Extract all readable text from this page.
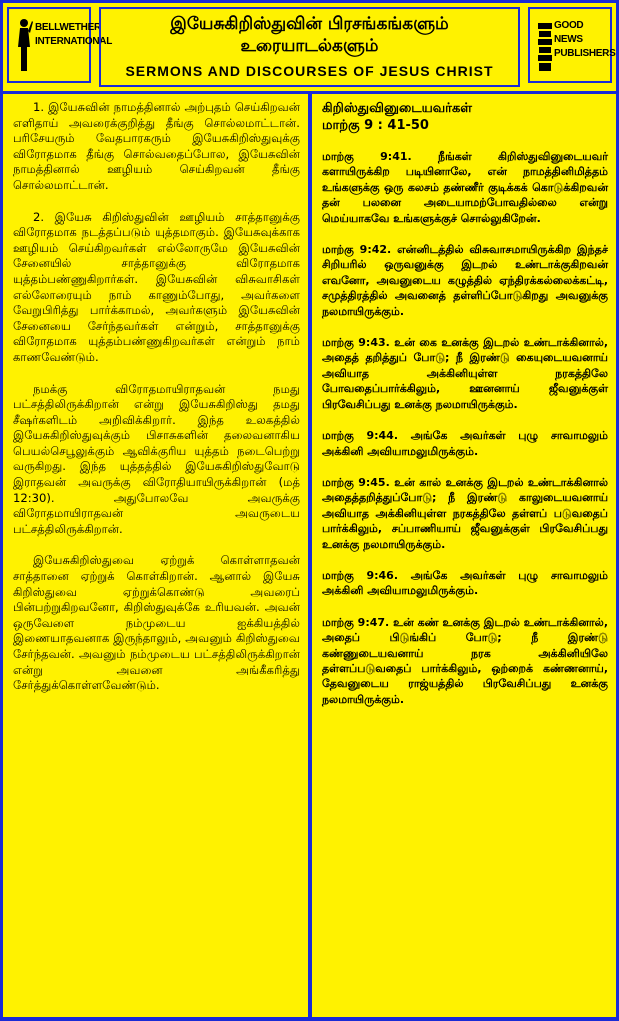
BELLWETHER
INTERNATIONAL
இயேசுகிறிஸ்துவின் பிரசங்கங்களும்
உரையாடல்களும்
SERMONS AND DISCOURSES OF JESUS CHRIST
GOOD NEWS
PUBLISHERS

1. இயேசுவின் நாமத்தினால் அற்புதம் செய்கிறவன் எளிதாய் அவரைக்குறித்து தீங்கு சொல்லமாட்டான். பரிசேயரும் வேதபாரகரும் இயேசுகிறிஸ்துவுக்கு விரோதமாக தீங்கு சொல்வதைப்போல, இயேசுவின் நாமத்தினால் ஊழியம் செய்கிறவன் தீங்கு சொல்லமாட்டான்.

2. இயேசு கிறிஸ்துவின் ஊழியம் சாத்தானுக்கு விரோதமாக நடத்தப்படும் யுத்தமாகும். இயேசுவுக்காக ஊழியம் செய்கிறவர்கள் எல்லோருமே இயேசுவின் சேனையில் சாத்தானுக்கு விரோதமாக யுத்தம்பண்ணுகிறார்கள். இயேசுவின் விசுவாசிகள் எல்லோரையும் நாம் காணும்போது, அவர்களை வேறுபிரித்து பார்க்காமல், அவர்களும் இயேசுவின் சேனையை சேர்ந்தவர்கள் என்றும், சாத்தானுக்கு விரோதமாக யுத்தம்பண்ணுகிறவர்கள் என்றும் நாம் காணவேண்டும்.

நமக்கு விரோதமாயிராதவன் நமது பட்சத்திலிருக்கிறான் என்று இயேசுகிறிஸ்து தமது சீஷர்களிடம் அறிவிக்கிறார். இந்த உலகத்தில் இயேசுகிறிஸ்துவுக்கும் பிசாசுகளின் தலைவனாகிய பெயல்செபூலுக்கும் ஆவிக்குரிய யுத்தம் நடைபெற்று வருகிறது. இந்த யுத்தத்தில் இயேசுகிறிஸ்துவோடு இராதவன் அவருக்கு விரோதியாயிருக்கிறான் (மத் 12:30). அதுபோலவே அவருக்கு விரோதமாயிராதவன் அவருடைய பட்சத்திலிருக்கிறான்.

இயேசுகிறிஸ்துவை ஏற்றுக் கொள்ளாதவன் சாத்தானை ஏற்றுக் கொள்கிறான். ஆனால் இயேசு கிறிஸ்துவை ஏற்றுக்கொண்டு அவரைப் பின்பற்றுகிறவனோ, கிறிஸ்துவுக்கே உரியவன். அவன் ஒருவேளை நம்முடைய ஐக்கியத்தில் இணையாதவனாக இருந்தாலும், அவனும் கிறிஸ்துவை சேர்ந்தவன். அவனும் நம்முடைய பட்சத்திலிருக்கிறான் என்று அவனை அங்கீகரித்து சேர்த்துக்கொள்ளவேண்டும்.

கிறிஸ்துவினுடையவர்கள்
மாற்கு 9 : 41-50

மாற்கு 9:41. நீங்கள் கிறிஸ்துவினுடையவர் களாயிருக்கிற படியினாலே, என் நாமத்தினிமித்தம் உங்களுக்கு ஒரு கலசம் தண்ணீர் குடிக்கக் கொடுக்கிறவன் தன் பலனை அடையாமற்போவதில்லை என்று மெய்யாகவே உங்களுக்குச் சொல்லுகிறேன்.

மாற்கு 9:42. என்னிடத்தில் விசுவாசமாயிருக்கிற இந்தச் சிறியரில் ஒருவனுக்கு இடறல் உண்டாக்குகிறவன் எவனோ, அவனுடைய கழுத்தில் ஏந்திரக்கல்லைக்கட்டி, சமுத்திரத்தில் அவனைத் தள்ளிப்போடுகிறது அவனுக்கு நலமாயிருக்கும்.

மாற்கு 9:43. உன் கை உனக்கு இடறல் உண்டாக்கினால், அதைத் தறித்துப் போடு; நீ இரண்டு கையுடையவனாய் அவியாத அக்கினியுள்ள நரகத்திலே போவதைப்பார்க்கிலும், ஊனனாய் ஜீவனுக்குள் பிரவேசிப்பது உனக்கு நலமாயிருக்கும்.

மாற்கு 9:44. அங்கே அவர்கள் புழு சாவாமலும் அக்கினி அவியாமலுமிருக்கும்.

மாற்கு 9:45. உன் கால் உனக்கு இடறல் உண்டாக்கினால் அதைத்தறித்துப்போடு; நீ இரண்டு காலுடையவனாய் அவியாத அக்கினியுள்ள நரகத்திலே தள்ளப் படுவதைப் பார்க்கிலும், சப்பாணியாய் ஜீவனுக்குள் பிரவேசிப்பது உனக்கு நலமாயிருக்கும்.

மாற்கு 9:46. அங்கே அவர்கள் புழு சாவாமலும் அக்கினி அவியாமலுமிருக்கும்.

மாற்கு 9:47. உன் கண் உனக்கு இடறல் உண்டாக்கினால், அதைப் பிடுங்கிப் போடு; நீ இரண்டு கண்ணுடையவனாய் நரக அக்கினியிலே தள்ளப்படுவதைப் பார்க்கிலும், ஒற்றைக் கண்ணனாய், தேவனுடைய ராஜ்யத்தில் பிரவேசிப்பது உனக்கு நலமாயிருக்கும்.
